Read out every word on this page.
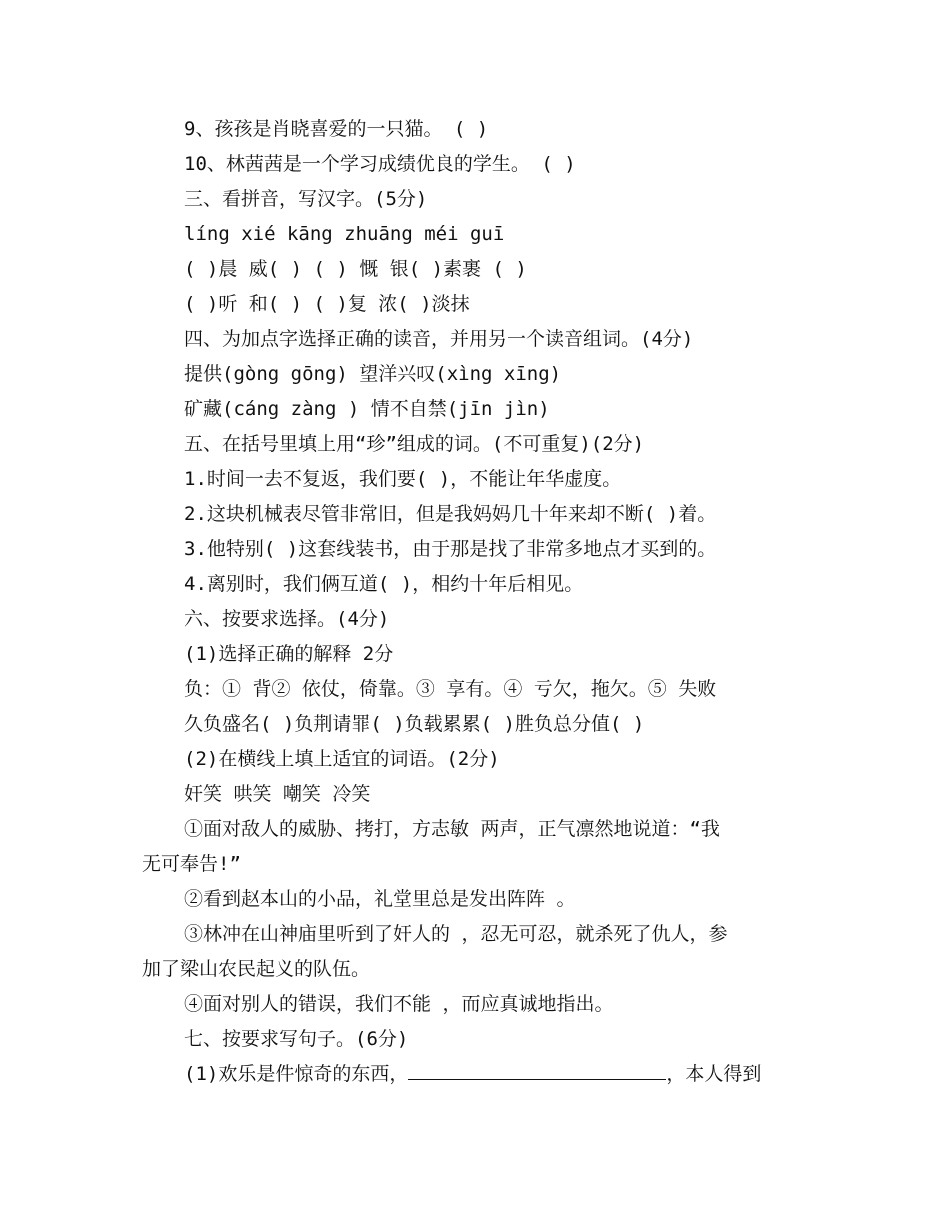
9、孩孩是肖晓喜爱的一只猫。 ( )
10、林茜茜是一个学习成绩优良的学生。 ( )
三、看拼音，写汉字。(5分)
líng xié kāng zhuāng méi guī
( )晨 威( ) ( ) 慨 银( )素裹 ( )
( )听 和( ) ( )复 浓( )淡抹
四、为加点字选择正确的读音，并用另一个读音组词。(4分)
提供(gòng gōng) 望洋兴叹(xìng xīng)
矿藏(cáng zàng ) 情不自禁(jīn jìn)
五、在括号里填上用“珍”组成的词。(不可重复)(2分)
1.时间一去不复返，我们要( )，不能让年华虚度。
2.这块机械表尽管非常旧，但是我妈妈几十年来却不断( )着。
3.他特别( )这套线装书，由于那是找了非常多地点才买到的。
4.离别时，我们俩互道( )，相约十年后相见。
六、按要求选择。(4分)
(1)选择正确的解释 2分
负：① 背② 依仗，倚靠。③ 享有。④ 亏欠，拖欠。⑤ 失败
久负盛名( )负荆请罪( )负载累累( )胜负总分值( )
(2)在横线上填上适宜的词语。(2分)
奸笑 哄笑 嘲笑 冷笑
①面对敌人的威胁、拷打，方志敏 两声，正气凛然地说道：“我
无可奉告!”
②看到赵本山的小品，礼堂里总是发出阵阵 。
③林冲在山神庙里听到了奸人的 ，忍无可忍，就杀死了仇人，参
加了梁山农民起义的队伍。
④面对别人的错误，我们不能 ，而应真诚地指出。
七、按要求写句子。(6分)
(1)欢乐是件惊奇的东西，	，本人得到
